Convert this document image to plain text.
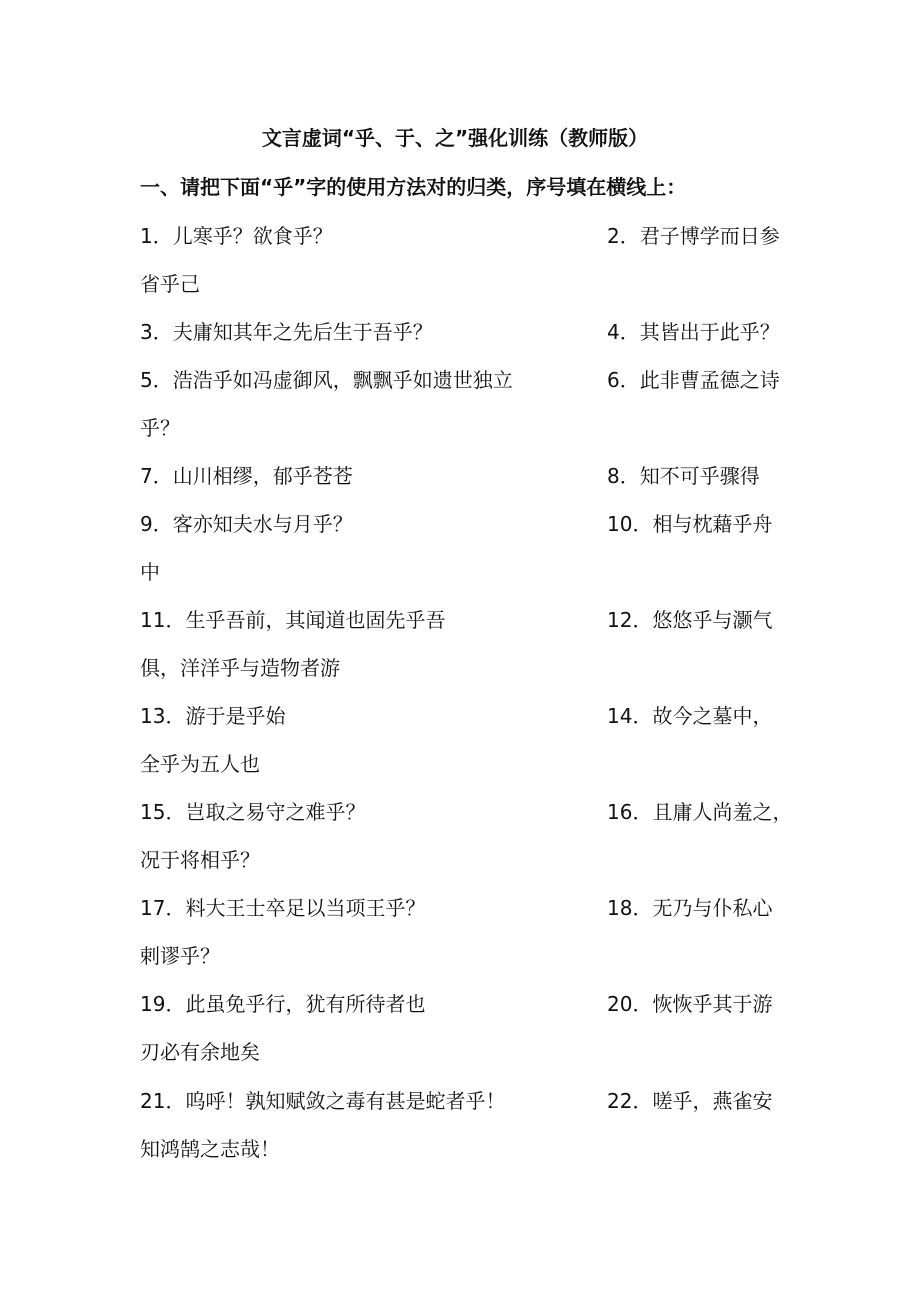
文言虚词“乎、于、之”强化训练（教师版）
一、请把下面“乎”字的使用方法对的归类，序号填在横线上：
1．儿寒乎？欲食乎？	2．君子博学而日参
省乎己
3．夫庸知其年之先后生于吾乎？	4．其皆出于此乎？
5．浩浩乎如冯虚御风，飘飘乎如遗世独立	6．此非曹孟德之诗
乎？
7．山川相缪，郁乎苍苍	8．知不可乎骤得
9．客亦知夫水与月乎？	10．相与枕藉乎舟
中
11．生乎吾前，其闻道也固先乎吾	12．悠悠乎与灏气
俱，洋洋乎与造物者游
13．游于是乎始	14．故今之墓中，
全乎为五人也
15．岂取之易守之难乎？	16．且庸人尚羞之，
况于将相乎？
17．料大王士卒足以当项王乎？	18．无乃与仆私心
剌谬乎？
19．此虽免乎行，犹有所待者也	20．恢恢乎其于游
刃必有余地矣
21．呜呼！孰知赋敛之毒有甚是蛇者乎！	22．嗟乎，燕雀安
知鸿鹄之志哉！
